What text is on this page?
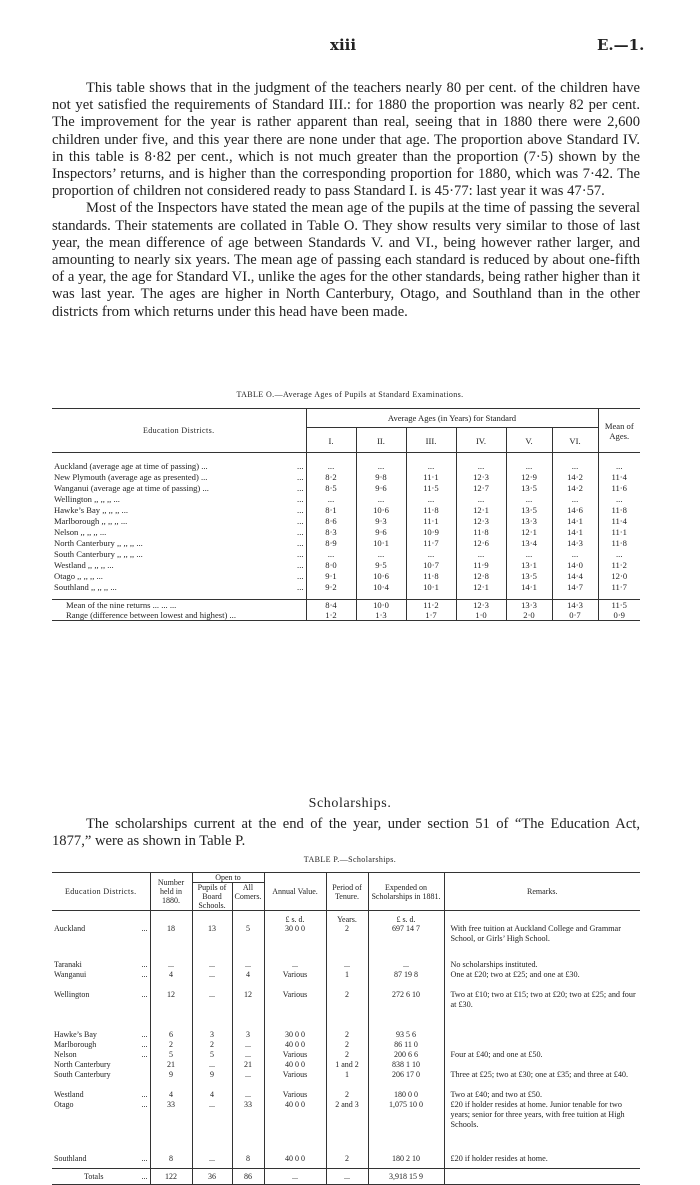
xiii	E.—1.

This table shows that in the judgment of the teachers nearly 80 per cent. of the children have not yet satisfied the requirements of Standard III.: for 1880 the proportion was nearly 82 per cent. The improvement for the year is rather apparent than real, seeing that in 1880 there were 2,600 children under five, and this year there are none under that age. The proportion above Standard IV. in this table is 8·82 per cent., which is not much greater than the proportion (7·5) shown by the Inspectors’ returns, and is higher than the corresponding proportion for 1880, which was 7·42. The proportion of children not considered ready to pass Standard I. is 45·77: last year it was 47·57.

Most of the Inspectors have stated the mean age of the pupils at the time of passing the several standards. Their statements are collated in Table O. They show results very similar to those of last year, the mean difference of age between Standards V. and VI., being however rather larger, and amounting to nearly six years. The mean age of passing each standard is reduced by about one-fifth of a year, the age for Standard VI., unlike the ages for the other standards, being rather higher than it was last year. The ages are higher in North Canterbury, Otago, and Southland than in the other districts from which returns under this head have been made.

TABLE O.—Average Ages of Pupils at Standard Examinations.
Education Districts.	Average Ages (in Years) for Standard						Mean of Ages.
	I.	II.	III.	IV.	V.	VI.	

Auckland (average age at time of passing) ... ...	...	...	...	...	...	...	...
New Plymouth (average age as presented) ... ...	8·2	9·8	11·1	12·3	12·9	14·2	11·4
Wanganui (average age at time of passing) ... ...	8·5	9·6	11·5	12·7	13·5	14·2	11·6
Wellington ,, ,, ,, ... ...	...	...	...	...	...	...	...
Hawke’s Bay ,, ,, ,, ... ...	8·1	10·6	11·8	12·1	13·5	14·6	11·8
Marlborough ,, ,, ,, ... ...	8·6	9·3	11·1	12·3	13·3	14·1	11·4
Nelson ,, ,, ,, ... ...	8·3	9·6	10·9	11·8	12·1	14·1	11·1
North Canterbury ,, ,, ,, ... ...	8·9	10·1	11·7	12·6	13·4	14·3	11·8
South Canterbury ,, ,, ,, ... ...	...	...	...	...	...	...	...
Westland ,, ,, ,, ... ...	8·0	9·5	10·7	11·9	13·1	14·0	11·2
Otago ,, ,, ,, ... ...	9·1	10·6	11·8	12·8	13·5	14·4	12·0
Southland ,, ,, ,, ... ...	9·2	10·4	10·1	12·1	14·1	14·7	11·7

Mean of the nine returns ... ... ...	8·4	10·0	11·2	12·3	13·3	14·3	11·5
Range (difference between lowest and highest) ...	1·2	1·3	1·7	1·0	2·0	0·7	0·9
Scholarships.

The scholarships current at the end of the year, under section 51 of “The Education Act, 1877,” were as shown in Table P.

TABLE P.—Scholarships.
Education Districts.	Number held in 1880.	Open to		Annual Value.	Period of Tenure.	Expended on Scholarships in 1881.	Remarks.
		Pupils of Board Schools.	All Comers.				
				£ s. d.	Years.	£ s. d.	
Auckland ...	18	13	5	30 0 0	2	697 14 7	With free tuition at Auckland College and Grammar School, or Girls’ High School.
Taranaki ...	...	...	...	...	...	...	No scholarships instituted.
Wanganui ...	4	...	4	Various	1	87 19 8	One at £20; two at £25; and one at £30.
Wellington ...	12	...	12	Various	2	272 6 10	Two at £10; two at £15; two at £20; two at £25; and four at £30.
Hawke’s Bay ...	6	3	3	30 0 0	2	93 5 6	
Marlborough ...	2	2	...	40 0 0	2	86 11 0	
Nelson ...	5	5	...	Various	2	200 6 6	Four at £40; and one at £50.
North Canterbury	21	...	21	40 0 0	1 and 2	838 1 10	
South Canterbury	9	9	...	Various	1	206 17 0	Three at £25; two at £30; one at £35; and three at £40.
Westland ...	4	4	...	Various	2	180 0 0	Two at £40; and two at £50.
Otago ...	33	...	33	40 0 0	2 and 3	1,075 10 0	£20 if holder resides at home. Junior tenable for two years; senior for three years, with free tuition at High Schools.
Southland ...	8	...	8	40 0 0	2	180 2 10	£20 if holder resides at home.
Totals ...	122	36	86	...	...	3,918 15 9	
